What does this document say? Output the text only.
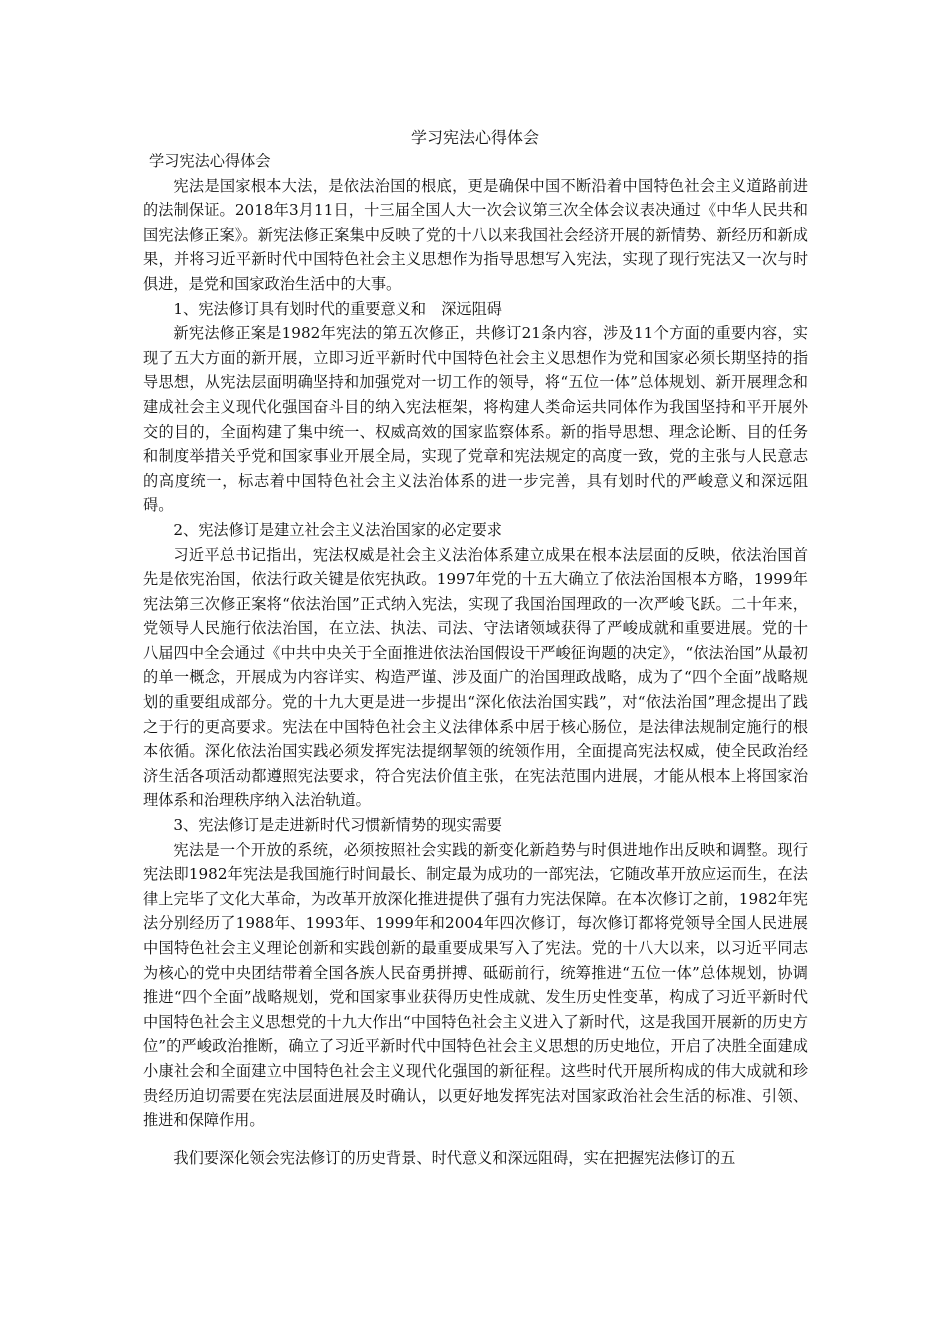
学习宪法心得体会

学习宪法心得体会

宪法是国家根本大法，是依法治国的根底，更是确保中国不断沿着中国特色社会主义道路前进的法制保证。2018年3月11日，十三届全国人大一次会议第三次全体会议表决通过《中华人民共和国宪法修正案》。新宪法修正案集中反映了党的十八以来我国社会经济开展的新情势、新经历和新成果，并将习近平新时代中国特色社会主义思想作为指导思想写入宪法，实现了现行宪法又一次与时俱进，是党和国家政治生活中的大事。

1、宪法修订具有划时代的重要意义和　深远阻碍

新宪法修正案是1982年宪法的第五次修正，共修订21条内容，涉及11个方面的重要内容，实现了五大方面的新开展，立即习近平新时代中国特色社会主义思想作为党和国家必须长期坚持的指导思想，从宪法层面明确坚持和加强党对一切工作的领导，将“五位一体”总体规划、新开展理念和建成社会主义现代化强国奋斗目的纳入宪法框架，将构建人类命运共同体作为我国坚持和平开展外交的目的，全面构建了集中统一、权威高效的国家监察体系。新的指导思想、理念论断、目的任务和制度举措关乎党和国家事业开展全局，实现了党章和宪法规定的高度一致，党的主张与人民意志的高度统一，标志着中国特色社会主义法治体系的进一步完善，具有划时代的严峻意义和深远阻碍。

2、宪法修订是建立社会主义法治国家的必定要求

习近平总书记指出，宪法权威是社会主义法治体系建立成果在根本法层面的反映，依法治国首先是依宪治国，依法行政关键是依宪执政。1997年党的十五大确立了依法治国根本方略，1999年宪法第三次修正案将“依法治国”正式纳入宪法，实现了我国治国理政的一次严峻飞跃。二十年来，党领导人民施行依法治国，在立法、执法、司法、守法诸领域获得了严峻成就和重要进展。党的十八届四中全会通过《中共中央关于全面推进依法治国假设干严峻征询题的决定》，“依法治国”从最初的单一概念，开展成为内容详实、构造严谨、涉及面广的治国理政战略，成为了“四个全面”战略规划的重要组成部分。党的十九大更是进一步提出“深化依法治国实践”，对“依法治国”理念提出了践之于行的更高要求。宪法在中国特色社会主义法律体系中居于核心肠位，是法律法规制定施行的根本依循。深化依法治国实践必须发挥宪法提纲挈领的统领作用，全面提高宪法权威，使全民政治经济生活各项活动都遵照宪法要求，符合宪法价值主张，在宪法范围内进展，才能从根本上将国家治理体系和治理秩序纳入法治轨道。

3、宪法修订是走进新时代习惯新情势的现实需要

宪法是一个开放的系统，必须按照社会实践的新变化新趋势与时俱进地作出反映和调整。现行宪法即1982年宪法是我国施行时间最长、制定最为成功的一部宪法，它随改革开放应运而生，在法律上完毕了文化大革命，为改革开放深化推进提供了强有力宪法保障。在本次修订之前，1982年宪法分别经历了1988年、1993年、1999年和2004年四次修订，每次修订都将党领导全国人民进展中国特色社会主义理论创新和实践创新的最重要成果写入了宪法。党的十八大以来，以习近平同志为核心的党中央团结带着全国各族人民奋勇拼搏、砥砺前行，统筹推进“五位一体”总体规划，协调推进“四个全面”战略规划，党和国家事业获得历史性成就、发生历史性变革，构成了习近平新时代中国特色社会主义思想党的十九大作出“中国特色社会主义进入了新时代，这是我国开展新的历史方位”的严峻政治推断，确立了习近平新时代中国特色社会主义思想的历史地位，开启了决胜全面建成小康社会和全面建立中国特色社会主义现代化强国的新征程。这些时代开展所构成的伟大成就和珍贵经历迫切需要在宪法层面进展及时确认，以更好地发挥宪法对国家政治社会生活的标准、引领、推进和保障作用。

我们要深化领会宪法修订的历史背景、时代意义和深远阻碍，实在把握宪法修订的五
